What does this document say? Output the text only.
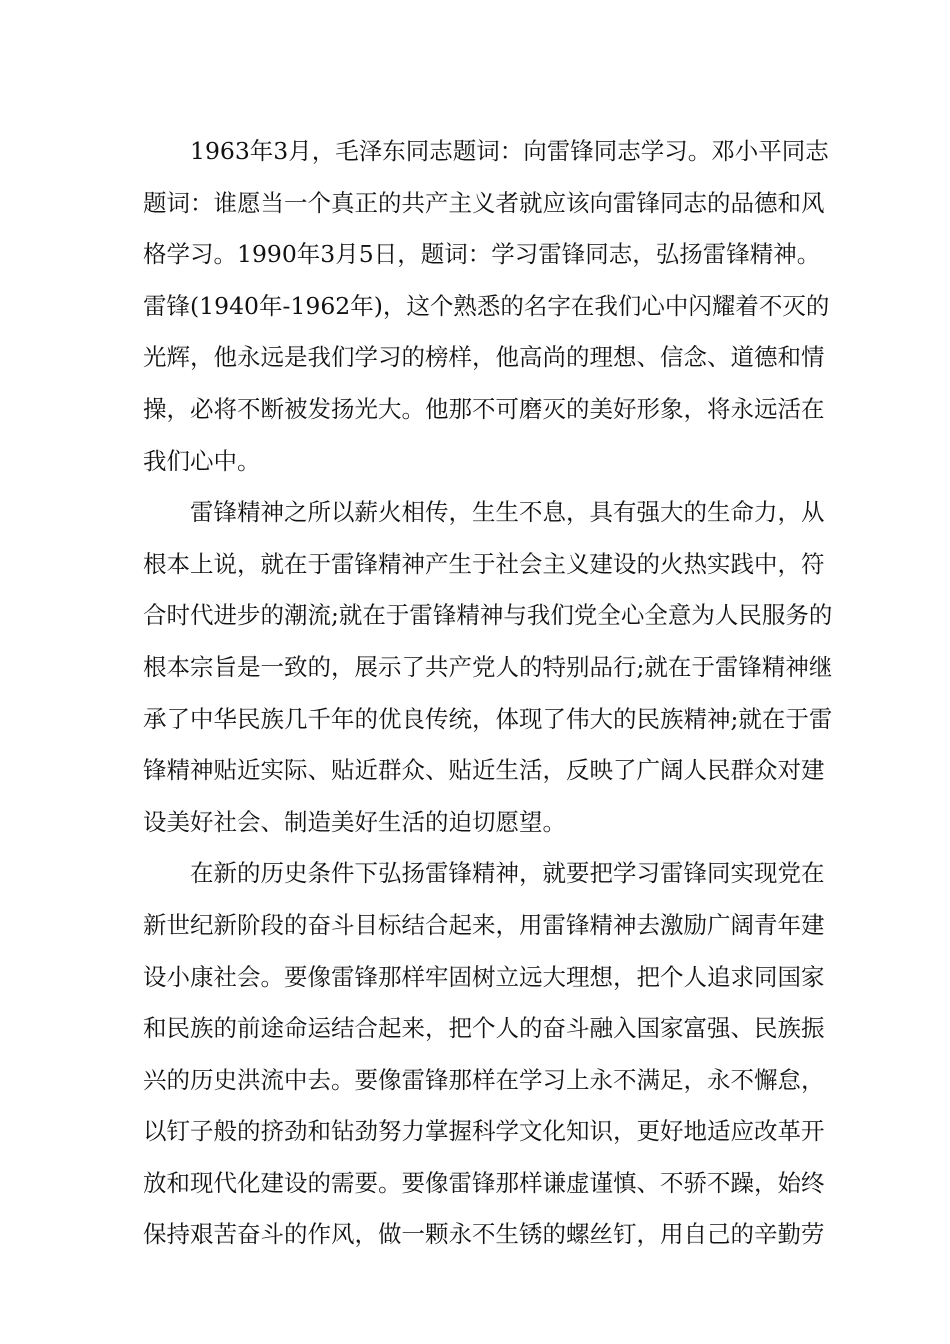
1963年3月，毛泽东同志题词：向雷锋同志学习。邓小平同志
题词：谁愿当一个真正的共产主义者就应该向雷锋同志的品德和风
格学习。1990年3月5日，题词：学习雷锋同志，弘扬雷锋精神。
雷锋(1940年-1962年)，这个熟悉的名字在我们心中闪耀着不灭的
光辉，他永远是我们学习的榜样，他高尚的理想、信念、道德和情
操，必将不断被发扬光大。他那不可磨灭的美好形象，将永远活在
我们心中。

雷锋精神之所以薪火相传，生生不息，具有强大的生命力，从
根本上说，就在于雷锋精神产生于社会主义建设的火热实践中，符
合时代进步的潮流;就在于雷锋精神与我们党全心全意为人民服务的
根本宗旨是一致的，展示了共产党人的特别品行;就在于雷锋精神继
承了中华民族几千年的优良传统，体现了伟大的民族精神;就在于雷
锋精神贴近实际、贴近群众、贴近生活，反映了广阔人民群众对建
设美好社会、制造美好生活的迫切愿望。

在新的历史条件下弘扬雷锋精神，就要把学习雷锋同实现党在
新世纪新阶段的奋斗目标结合起来，用雷锋精神去激励广阔青年建
设小康社会。要像雷锋那样牢固树立远大理想，把个人追求同国家
和民族的前途命运结合起来，把个人的奋斗融入国家富强、民族振
兴的历史洪流中去。要像雷锋那样在学习上永不满足，永不懈怠，
以钉子般的挤劲和钻劲努力掌握科学文化知识，更好地适应改革开
放和现代化建设的需要。要像雷锋那样谦虚谨慎、不骄不躁，始终
保持艰苦奋斗的作风，做一颗永不生锈的螺丝钉，用自己的辛勤劳
